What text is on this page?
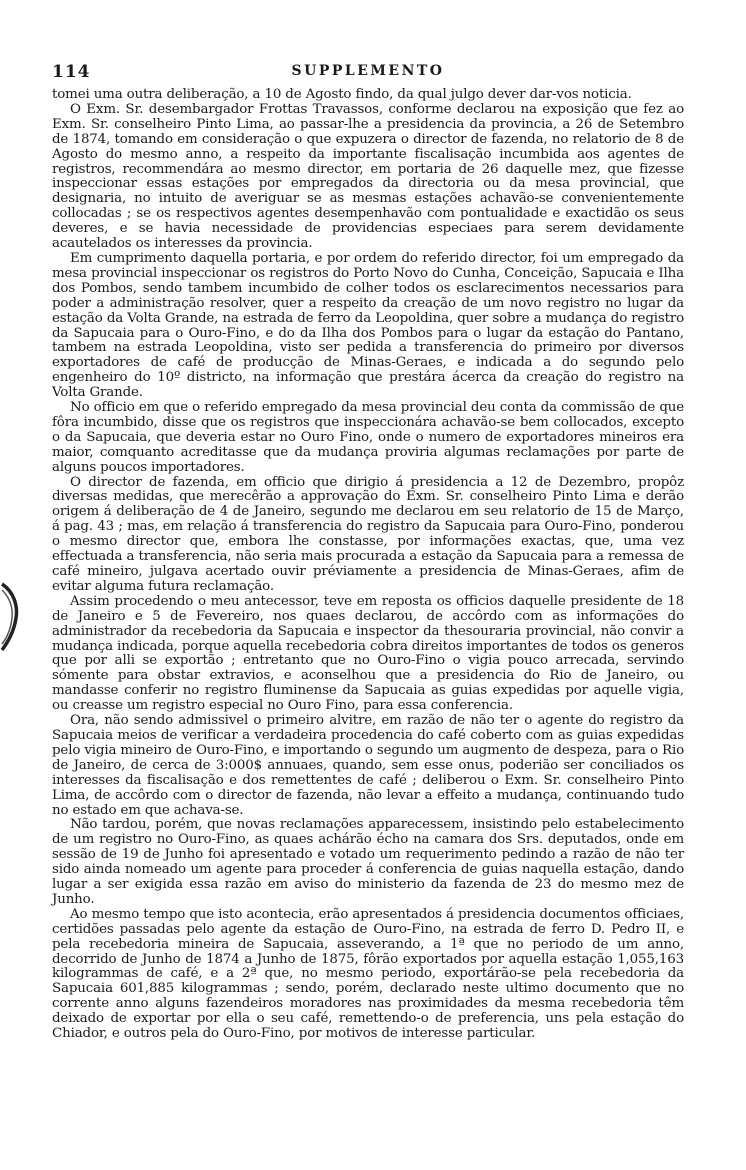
114	SUPPLEMENTO

tomei uma outra deliberação, a 10 de Agosto findo, da qual julgo dever dar-vos noticia.

O Exm. Sr. desembargador Frottas Travassos, conforme declarou na exposição que fez ao Exm. Sr. conselheiro Pinto Lima, ao passar-lhe a presidencia da provincia, a 26 de Setembro de 1874, tomando em consideração o que expuzera o director de fazenda, no relatorio de 8 de Agosto do mesmo anno, a respeito da importante fiscalisação incumbida aos agentes de registros, recommendára ao mesmo director, em portaria de 26 daquelle mez, que fizesse inspeccionar essas estações por empregados da directoria ou da mesa provincial, que designaria, no intuito de averiguar se as mesmas estações achavão-se convenientemente collocadas ; se os respectivos agentes desempenhavão com pontualidade e exactidão os seus deveres, e se havia necessidade de providencias especiaes para serem devidamente acautelados os interesses da provincia.

Em cumprimento daquella portaria, e por ordem do referido director, foi um empregado da mesa provincial inspeccionar os registros do Porto Novo do Cunha, Conceição, Sapucaia e Ilha dos Pombos, sendo tambem incumbido de colher todos os esclarecimentos necessarios para poder a administração resolver, quer a respeito da creação de um novo registro no lugar da estação da Volta Grande, na estrada de ferro da Leopoldina, quer sobre a mudança do registro da Sapucaia para o Ouro-Fino, e do da Ilha dos Pombos para o lugar da estação do Pantano, tambem na estrada Leopoldina, visto ser pedida a transferencia do primeiro por diversos exportadores de café de producção de Minas-Geraes, e indicada a do segundo pelo engenheiro do 10º districto, na informação que prestára ácerca da creação do registro na Volta Grande.

No officio em que o referido empregado da mesa provincial deu conta da commissão de que fôra incumbido, disse que os registros que inspeccionára achavão-se bem collocados, excepto o da Sapucaia, que deveria estar no Ouro Fino, onde o numero de exportadores mineiros era maior, comquanto acreditasse que da mudança proviria algumas reclamações por parte de alguns poucos importadores.

O director de fazenda, em officio que dirigio á presidencia a 12 de Dezembro, propôz diversas medidas, que merecêrão a approvação do Exm. Sr. conselheiro Pinto Lima e derão origem á deliberação de 4 de Janeiro, segundo me declarou em seu relatorio de 15 de Março, á pag. 43 ; mas, em relação á transferencia do registro da Sapucaia para Ouro-Fino, ponderou o mesmo director que, embora lhe constasse, por informações exactas, que, uma vez effectuada a transferencia, não seria mais procurada a estação da Sapucaia para a remessa de café mineiro, julgava acertado ouvir préviamente a presidencia de Minas-Geraes, afim de evitar alguma futura reclamação.

Assim procedendo o meu antecessor, teve em reposta os officios daquelle presidente de 18 de Janeiro e 5 de Fevereiro, nos quaes declarou, de accôrdo com as informações do administrador da recebedoria da Sapucaia e inspector da thesouraria provincial, não convir a mudança indicada, porque aquella recebedoria cobra direitos importantes de todos os generos que por alli se exportão ; entretanto que no Ouro-Fino o vigia pouco arrecada, servindo sómente para obstar extravios, e aconselhou que a presidencia do Rio de Janeiro, ou mandasse conferir no registro fluminense da Sapucaia as guias expedidas por aquelle vigia, ou creasse um registro especial no Ouro Fino, para essa conferencia.

Ora, não sendo admissivel o primeiro alvitre, em razão de não ter o agente do registro da Sapucaia meios de verificar a verdadeira procedencia do café coberto com as guias expedidas pelo vigia mineiro de Ouro-Fino, e importando o segundo um augmento de despeza, para o Rio de Janeiro, de cerca de 3:000$ annuaes, quando, sem esse onus, poderião ser conciliados os interesses da fiscalisação e dos remettentes de café ; deliberou o Exm. Sr. conselheiro Pinto Lima, de accôrdo com o director de fazenda, não levar a effeito a mudança, continuando tudo no estado em que achava-se.

Não tardou, porém, que novas reclamações apparecessem, insistindo pelo estabelecimento de um registro no Ouro-Fino, as quaes achárão écho na camara dos Srs. deputados, onde em sessão de 19 de Junho foi apresentado e votado um requerimento pedindo a razão de não ter sido ainda nomeado um agente para proceder á conferencia de guias naquella estação, dando lugar a ser exigida essa razão em aviso do ministerio da fazenda de 23 do mesmo mez de Junho.

Ao mesmo tempo que isto acontecia, erão apresentados á presidencia documentos officiaes, certidões passadas pelo agente da estação de Ouro-Fino, na estrada de ferro D. Pedro II, e pela recebedoria mineira de Sapucaia, asseverando, a 1ª que no periodo de um anno, decorrido de Junho de 1874 a Junho de 1875, fôrão exportados por aquella estação 1,055,163 kilogrammas de café, e a 2ª que, no mesmo periodo, exportárão-se pela recebedoria da Sapucaia 601,885 kilogrammas ; sendo, porém, declarado neste ultimo documento que no corrente anno alguns fazendeiros moradores nas proximidades da mesma recebedoria têm deixado de exportar por ella o seu café, remettendo-o de preferencia, uns pela estação do Chiador, e outros pela do Ouro-Fino, por motivos de interesse particular.
